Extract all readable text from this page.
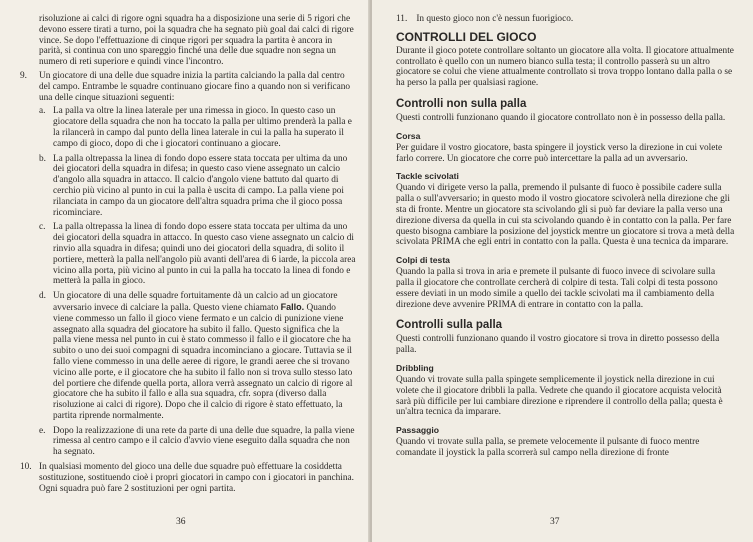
risoluzione ai calci di rigore ogni squadra ha a disposizione una serie di 5 rigori che devono essere tirati a turno, poi la squadra che ha segnato più goal dai calci di rigore vince. Se dopo l'effettuazione di cinque rigori per squadra la partita è ancora in parità, si continua con uno spareggio finché una delle due squadre non segna un numero di reti superiore e quindi vince l'incontro.

9. Un giocatore di una delle due squadre inizia la partita calciando la palla dal centro del campo. Entrambe le squadre continuano giocare fino a quando non si verificano una delle cinque situazioni seguenti:
a. La palla va oltre la linea laterale per una rimessa in gioco. In questo caso un giocatore della squadra che non ha toccato la palla per ultimo prenderà la palla e la rilancerà in campo dal punto della linea laterale in cui la palla ha superato il campo di gioco, dopo di che i giocatori continuano a giocare.
b. La palla oltrepassa la linea di fondo dopo essere stata toccata per ultima da uno dei giocatori della squadra in difesa; in questo caso viene assegnato un calcio d'angolo alla squadra in attacco. Il calcio d'angolo viene battuto dal quarto di cerchio più vicino al punto in cui la palla è uscita di campo. La palla viene poi rilanciata in campo da un giocatore dell'altra squadra prima che il gioco possa ricominciare.
c. La palla oltrepassa la linea di fondo dopo essere stata toccata per ultima da uno dei giocatori della squadra in attacco. In questo caso viene assegnato un calcio di rinvio alla squadra in difesa; quindi uno dei giocatori della squadra, di solito il portiere, metterà la palla nell'angolo più avanti dell'area di 6 iarde, la piccola area vicino alla porta, più vicino al punto in cui la palla ha toccato la linea di fondo e metterà la palla in gioco.
d. Un giocatore di una delle squadre fortuitamente dà un calcio ad un giocatore avversario invece di calciare la palla. Questo viene chiamato Fallo. Quando viene commesso un fallo il gioco viene fermato e un calcio di punizione viene assegnato alla squadra del giocatore ha subito il fallo. Questo significa che la palla viene messa nel punto in cui è stato commesso il fallo e il giocatore che ha subito o uno dei suoi compagni di squadra incominciano a giocare. Tuttavia se il fallo viene commesso in una delle aeree di rigore, le grandi aeree che si trovano vicino alle porte, e il giocatore che ha subito il fallo non si trova sullo stesso lato del portiere che difende quella porta, allora verrà assegnato un calcio di rigore al giocatore che ha subito il fallo e alla sua squadra, cfr. sopra (diverso dalla risoluzione ai calci di rigore). Dopo che il calcio di rigore è stato effettuato, la partita riprende normalmente.
e. Dopo la realizzazione di una rete da parte di una delle due squadre, la palla viene rimessa al centro campo e il calcio d'avvio viene eseguito dalla squadra che non ha segnato.
10. In qualsiasi momento del gioco una delle due squadre può effettuare la cosiddetta sostituzione, sostituendo cioè i propri giocatori in campo con i giocatori in panchina. Ogni squadra può fare 2 sostituzioni per ogni partita.
36
11. In questo gioco non c'è nessun fuorigioco.
CONTROLLI DEL GIOCO

Durante il gioco potete controllare soltanto un giocatore alla volta. Il giocatore attualmente controllato è quello con un numero bianco sulla testa; il controllo passerà su un altro giocatore se colui che viene attualmente controllato si trova troppo lontano dalla palla o se ha perso la palla per qualsiasi ragione.

Controlli non sulla palla

Questi controlli funzionano quando il giocatore controllato non è in possesso della palla.

Corsa

Per guidare il vostro giocatore, basta spingere il joystick verso la direzione in cui volete farlo correre. Un giocatore che corre può intercettare la palla ad un avversario.

Tackle scivolati

Quando vi dirigete verso la palla, premendo il pulsante di fuoco è possibile cadere sulla palla o sull'avversario; in questo modo il vostro giocatore scivolerà nella direzione che gli sta di fronte. Mentre un giocatore sta scivolando gli si può far deviare la palla verso una direzione diversa da quella in cui sta scivolando quando è in contatto con la palla. Per fare questo bisogna cambiare la posizione del joystick mentre un giocatore si trova a metà della scivolata PRIMA che egli entri in contatto con la palla. Questa è una tecnica da imparare.

Colpi di testa

Quando la palla si trova in aria e premete il pulsante di fuoco invece di scivolare sulla palla il giocatore che controllate cercherà di colpire di testa. Tali colpi di testa possono essere deviati in un modo simile a quello dei tackle scivolati ma il cambiamento della direzione deve avvenire PRIMA di entrare in contatto con la palla.

Controlli sulla palla

Questi controlli funzionano quando il vostro giocatore si trova in diretto possesso della palla.

Dribbling

Quando vi trovate sulla palla spingete semplicemente il joystick nella direzione in cui volete che il giocatore dribbli la palla. Vedrete che quando il giocatore acquista velocità sarà più difficile per lui cambiare direzione e riprendere il controllo della palla; questa è un'altra tecnica da imparare.

Passaggio

Quando vi trovate sulla palla, se premete velocemente il pulsante di fuoco mentre comandate il joystick la palla scorrerà sul campo nella direzione di fronte

37
